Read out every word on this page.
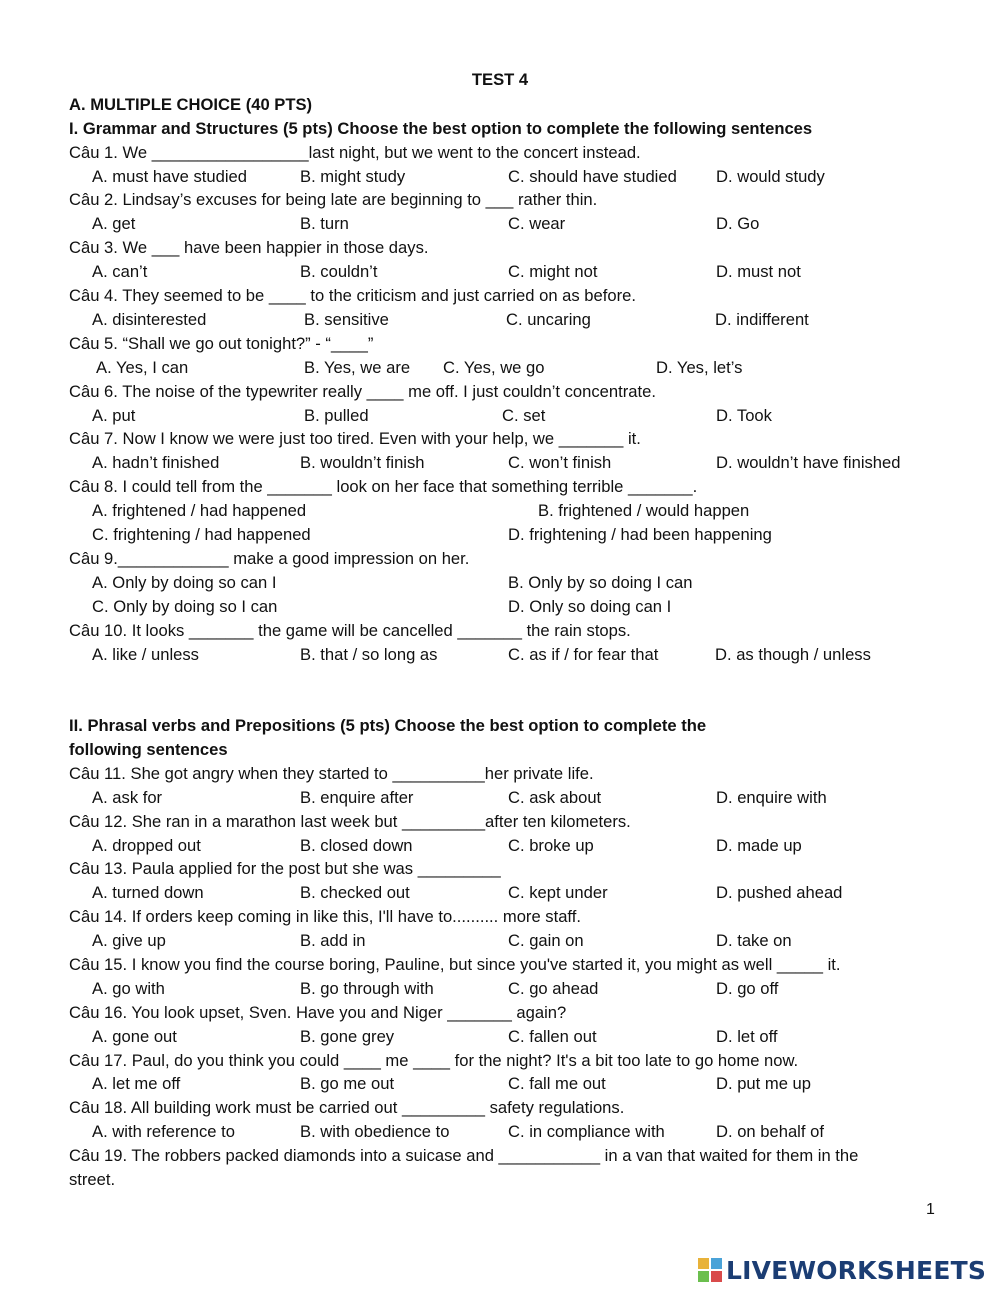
TEST 4
A. MULTIPLE CHOICE (40 PTS)
I. Grammar and Structures (5 pts) Choose the best option to complete the following sentences
Câu 1. We _________________last night, but we went to the concert instead.
A. must have studied	B. might study	C. should have studied D. would study
Câu 2. Lindsay’s excuses for being late are beginning to ___ rather thin.
A. get	B. turn	C. wear	D. Go
Câu 3. We ___ have been happier in those days.
A. can’t	B. couldn’t	C. might not	D. must not
Câu 4. They seemed to be ____ to the criticism and just carried on as before.
A. disinterested	B. sensitive	C. uncaring	D. indifferent
Câu 5. “Shall we go out tonight?” - “____”
A. Yes, I can	B. Yes, we are C. Yes, we go	D. Yes, let’s
Câu 6. The noise of the typewriter really ____ me off. I just couldn’t concentrate.
A. put	B. pulled	C. set	D. Took
Câu 7. Now I know we were just too tired. Even with your help, we _______ it.
A. hadn’t finished	B. wouldn’t finish	C. won’t finish	D. wouldn’t have finished
Câu 8. I could tell from the _______ look on her face that something terrible _______.
A. frightened / had happened	B. frightened / would happen
C. frightening / had happened	D. frightening / had been happening
Câu 9.____________ make a good impression on her.
A. Only by doing so can I	B. Only by so doing I can
C. Only by doing so I can	D. Only so doing can I
Câu 10. It looks _______ the game will be cancelled _______ the rain stops.
A. like / unless	B. that / so long as	C. as if / for fear that	D. as though / unless
II. Phrasal verbs and Prepositions (5 pts) Choose the best option to complete the
following sentences
Câu 11. She got angry when they started to __________her private life.
A. ask for	B. enquire after	C. ask about	D. enquire with
Câu 12. She ran in a marathon last week but _________after ten kilometers.
A. dropped out	B. closed down	C. broke up	D. made up
Câu 13. Paula applied for the post but she was _________
A. turned down	B. checked out	C. kept under	D. pushed ahead
Câu 14. If orders keep coming in like this, I'll have to.......... more staff.
A. give up	B. add in	C. gain on	D. take on
Câu 15. I know you find the course boring, Pauline, but since you've started it, you might as well _____ it.
A. go with	B. go through with	C. go ahead	D. go off
Câu 16. You look upset, Sven. Have you and Niger _______ again?
A. gone out	B. gone grey	C. fallen out	D. let off
Câu 17. Paul, do you think you could ____ me ____ for the night? It's a bit too late to go home now.
A. let me off	B. go me out	C. fall me out	D. put me up
Câu 18. All building work must be carried out _________ safety regulations.
A. with reference to	B. with obedience to	C. in compliance with	D. on behalf of
Câu 19. The robbers packed diamonds into a suicase and ___________ in a van that waited for them in the
street.
1
LIVEWORKSHEETS
